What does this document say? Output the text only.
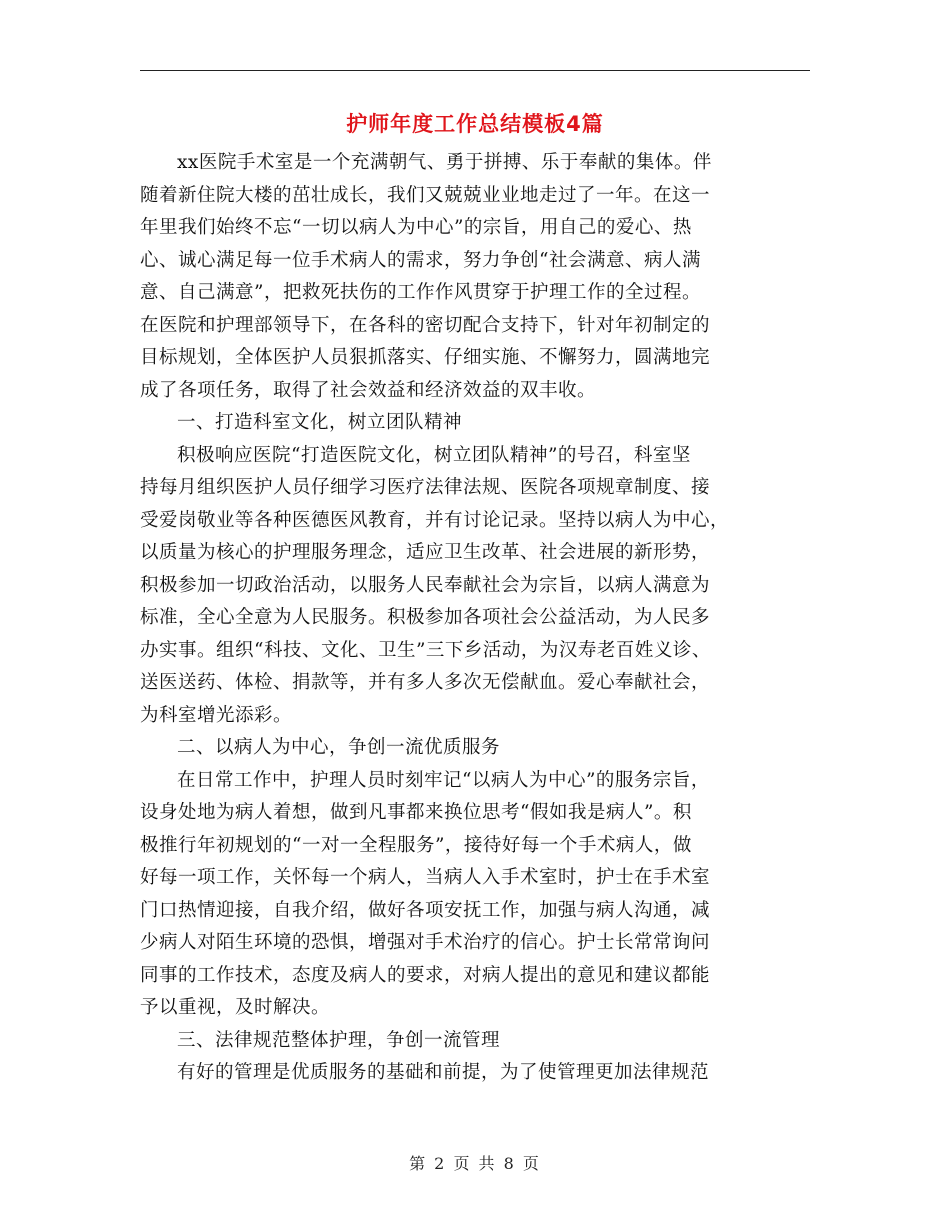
护师年度工作总结模板4篇
xx医院手术室是一个充满朝气、勇于拼搏、乐于奉献的集体。伴
随着新住院大楼的茁壮成长，我们又兢兢业业地走过了一年。在这一
年里我们始终不忘“一切以病人为中心”的宗旨，用自己的爱心、热
心、诚心满足每一位手术病人的需求，努力争创“社会满意、病人满
意、自己满意”，把救死扶伤的工作作风贯穿于护理工作的全过程。
在医院和护理部领导下，在各科的密切配合支持下，针对年初制定的
目标规划，全体医护人员狠抓落实、仔细实施、不懈努力，圆满地完
成了各项任务，取得了社会效益和经济效益的双丰收。
一、打造科室文化，树立团队精神
积极响应医院“打造医院文化，树立团队精神”的号召，科室坚
持每月组织医护人员仔细学习医疗法律法规、医院各项规章制度、接
受爱岗敬业等各种医德医风教育，并有讨论记录。坚持以病人为中心，
以质量为核心的护理服务理念，适应卫生改革、社会进展的新形势，
积极参加一切政治活动，以服务人民奉献社会为宗旨，以病人满意为
标准，全心全意为人民服务。积极参加各项社会公益活动，为人民多
办实事。组织“科技、文化、卫生”三下乡活动，为汉寿老百姓义诊、
送医送药、体检、捐款等，并有多人多次无偿献血。爱心奉献社会，
为科室增光添彩。
二、以病人为中心，争创一流优质服务
在日常工作中，护理人员时刻牢记“以病人为中心”的服务宗旨，
设身处地为病人着想，做到凡事都来换位思考“假如我是病人”。积
极推行年初规划的“一对一全程服务”，接待好每一个手术病人，做
好每一项工作，关怀每一个病人，当病人入手术室时，护士在手术室
门口热情迎接，自我介绍，做好各项安抚工作，加强与病人沟通，减
少病人对陌生环境的恐惧，增强对手术治疗的信心。护士长常常询问
同事的工作技术，态度及病人的要求，对病人提出的意见和建议都能
予以重视，及时解决。
三、法律规范整体护理，争创一流管理
有好的管理是优质服务的基础和前提，为了使管理更加法律规范
第 2 页 共 8 页
